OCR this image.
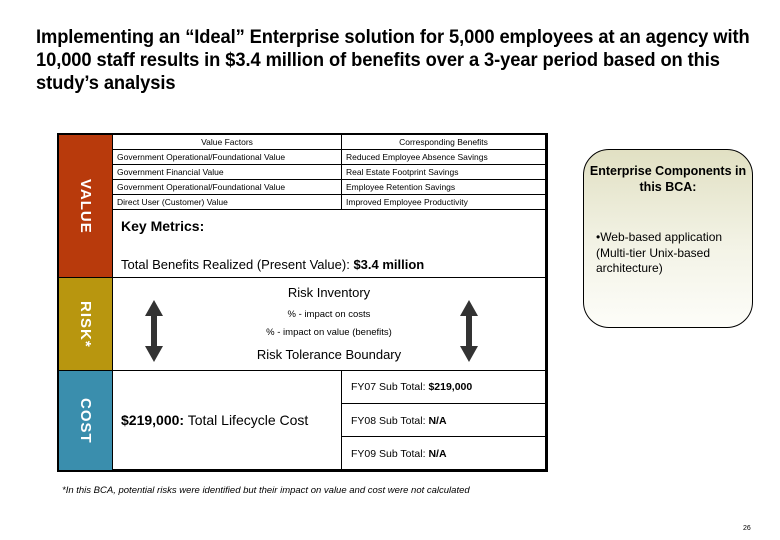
Implementing an “Ideal” Enterprise solution for 5,000 employees at an agency with 10,000 staff results in $3.4 million of benefits over a 3-year period based on this study’s analysis
VALUE
RISK*
COST
Value Factors	Corresponding Benefits
Government Operational/Foundational Value	Reduced Employee Absence Savings
Government Financial Value	Real Estate Footprint Savings
Government Operational/Foundational Value	Employee Retention Savings
Direct User (Customer) Value	Improved Employee Productivity
Key Metrics:
Total Benefits Realized (Present Value): $3.4 million
Risk Inventory
% - impact on costs
% - impact on value (benefits)
Risk Tolerance Boundary
$219,000: Total Lifecycle Cost
FY07 Sub Total: $219,000
FY08 Sub Total: N/A
FY09 Sub Total: N/A
Enterprise Components in this BCA:
•Web-based application (Multi-tier Unix-based architecture)
*In this BCA, potential risks were identified but their impact on value and cost were not calculated
26
